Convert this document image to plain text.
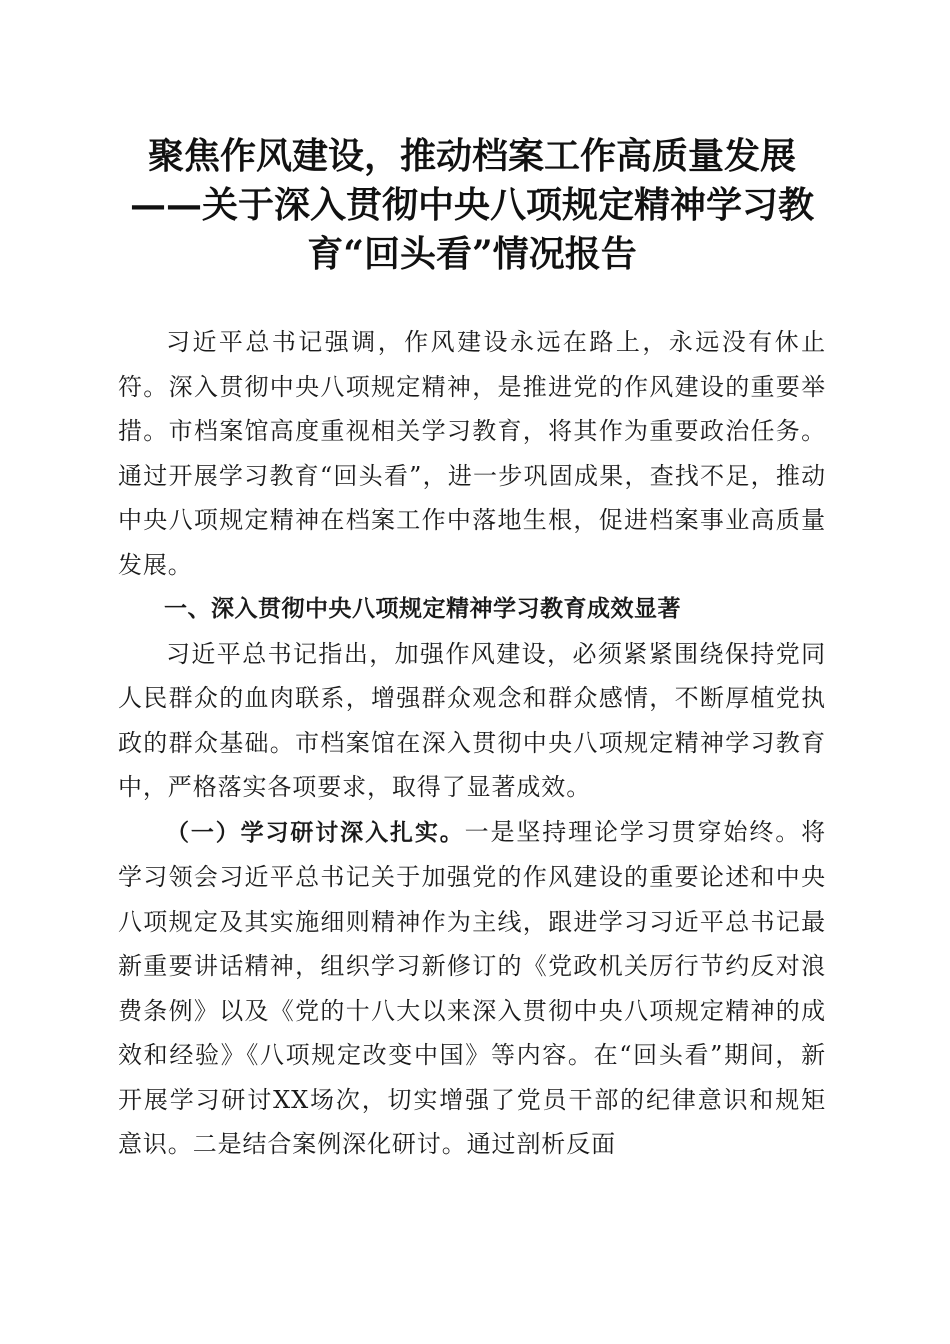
聚焦作风建设，推动档案工作高质量发展——关于深入贯彻中央八项规定精神学习教育“回头看”情况报告

习近平总书记强调，作风建设永远在路上，永远没有休止符。深入贯彻中央八项规定精神，是推进党的作风建设的重要举措。市档案馆高度重视相关学习教育，将其作为重要政治任务。通过开展学习教育“回头看”，进一步巩固成果，查找不足，推动中央八项规定精神在档案工作中落地生根，促进档案事业高质量发展。

一、深入贯彻中央八项规定精神学习教育成效显著

习近平总书记指出，加强作风建设，必须紧紧围绕保持党同人民群众的血肉联系，增强群众观念和群众感情，不断厚植党执政的群众基础。市档案馆在深入贯彻中央八项规定精神学习教育中，严格落实各项要求，取得了显著成效。

（一）学习研讨深入扎实。一是坚持理论学习贯穿始终。将学习领会习近平总书记关于加强党的作风建设的重要论述和中央八项规定及其实施细则精神作为主线，跟进学习习近平总书记最新重要讲话精神，组织学习新修订的《党政机关厉行节约反对浪费条例》以及《党的十八大以来深入贯彻中央八项规定精神的成效和经验》《八项规定改变中国》等内容。在“回头看”期间，新开展学习研讨XX场次，切实增强了党员干部的纪律意识和规矩意识。二是结合案例深化研讨。通过剖析反面
